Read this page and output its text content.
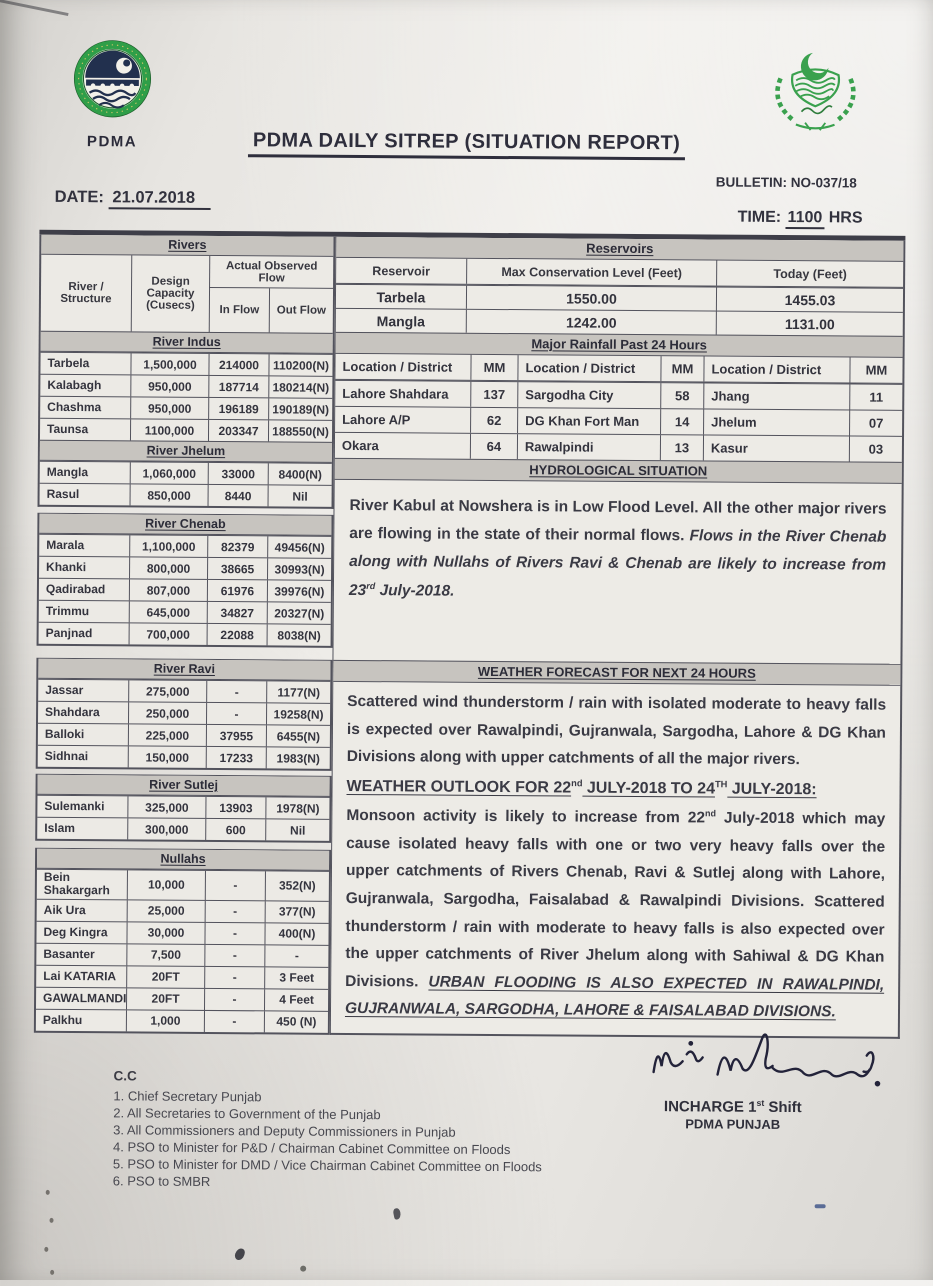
PDMA	PDMA DAILY SITREP (SITUATION REPORT)
BULLETIN: NO-037/18
DATE: 21.07.2018
TIME: 1100 HRS
Rivers
River / Structure
Design Capacity (Cusecs)
Actual Observed Flow
In Flow	Out Flow
River Indus
Tarbela	1,500,000	214000	110200(N)
Kalabagh	950,000	187714	180214(N)
Chashma	950,000	196189	190189(N)
Taunsa	1100,000	203347	188550(N)
River Jhelum
Mangla	1,060,000	33000	8400(N)
Rasul	850,000	8440	Nil
River Chenab
Marala	1,100,000	82379	49456(N)
Khanki	800,000	38665	30993(N)
Qadirabad	807,000	61976	39976(N)
Trimmu	645,000	34827	20327(N)
Panjnad	700,000	22088	8038(N)
River Ravi
Jassar	275,000	-	1177(N)
Shahdara	250,000	-	19258(N)
Balloki	225,000	37955	6455(N)
Sidhnai	150,000	17233	1983(N)
River Sutlej
Sulemanki	325,000	13903	1978(N)
Islam	300,000	600	Nil
Nullahs
Bein Shakargarh	10,000	-	352(N)
Aik Ura	25,000	-	377(N)
Deg Kingra	30,000	-	400(N)
Basanter	7,500	-	-
Lai KATARIA	20FT	-	3 Feet
GAWALMANDI	20FT	-	4 Feet
Palkhu	1,000	-	450 (N)
Reservoirs
Reservoir	Max Conservation Level (Feet)	Today (Feet)
Tarbela	1550.00	1455.03
Mangla	1242.00	1131.00
Major Rainfall Past 24 Hours
Location / District	MM	Location / District	MM	Location / District	MM
Lahore Shahdara	137	Sargodha City	58	Jhang	11
Lahore A/P	62	DG Khan Fort Man	14	Jhelum	07
Okara	64	Rawalpindi	13	Kasur	03
HYDROLOGICAL SITUATION
River Kabul at Nowshera is in Low Flood Level. All the other major rivers are flowing in the state of their normal flows. Flows in the River Chenab along with Nullahs of Rivers Ravi & Chenab are likely to increase from 23rd July-2018.
WEATHER FORECAST FOR NEXT 24 HOURS
Scattered wind thunderstorm / rain with isolated moderate to heavy falls is expected over Rawalpindi, Gujranwala, Sargodha, Lahore & DG Khan Divisions along with upper catchments of all the major rivers.
WEATHER OUTLOOK FOR 22nd JULY-2018 TO 24TH JULY-2018:
Monsoon activity is likely to increase from 22nd July-2018 which may cause isolated heavy falls with one or two very heavy falls over the upper catchments of Rivers Chenab, Ravi & Sutlej along with Lahore, Gujranwala, Sargodha, Faisalabad & Rawalpindi Divisions. Scattered thunderstorm / rain with moderate to heavy falls is also expected over the upper catchments of River Jhelum along with Sahiwal & DG Khan Divisions. URBAN FLOODING IS ALSO EXPECTED IN RAWALPINDI, GUJRANWALA, SARGODHA, LAHORE & FAISALABAD DIVISIONS.
C.C
1. Chief Secretary Punjab
2. All Secretaries to Government of the Punjab
3. All Commissioners and Deputy Commissioners in Punjab
4. PSO to Minister for P&D / Chairman Cabinet Committee on Floods
5. PSO to Minister for DMD / Vice Chairman Cabinet Committee on Floods
6. PSO to SMBR
INCHARGE 1st Shift
PDMA PUNJAB
